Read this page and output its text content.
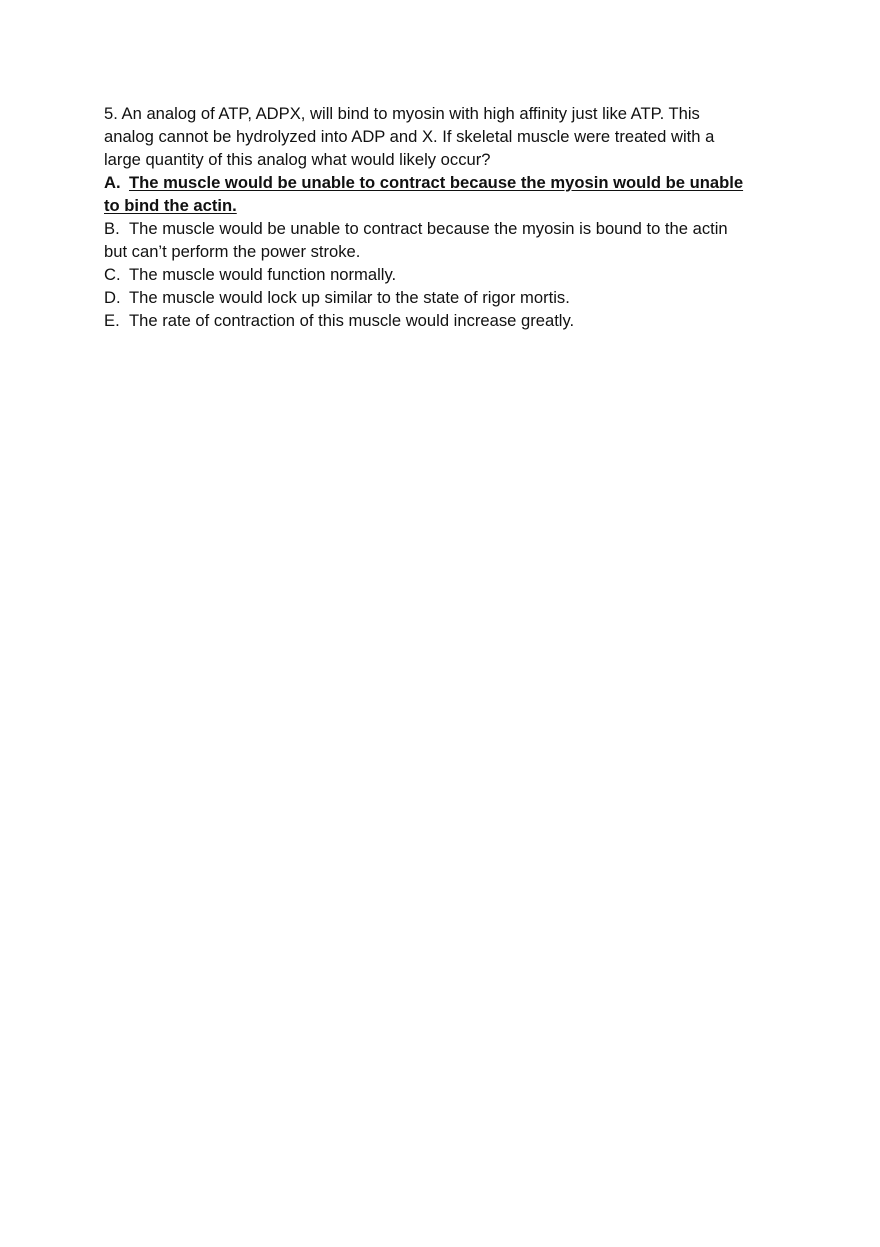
5. An analog of ATP, ADPX, will bind to myosin with high affinity just like ATP. This
analog cannot be hydrolyzed into ADP and X. If skeletal muscle were treated with a
large quantity of this analog what would likely occur?
A. The muscle would be unable to contract because the myosin would be unable
to bind the actin.
B. The muscle would be unable to contract because the myosin is bound to the actin
but can’t perform the power stroke.
C. The muscle would function normally.
D. The muscle would lock up similar to the state of rigor mortis.
E. The rate of contraction of this muscle would increase greatly.
